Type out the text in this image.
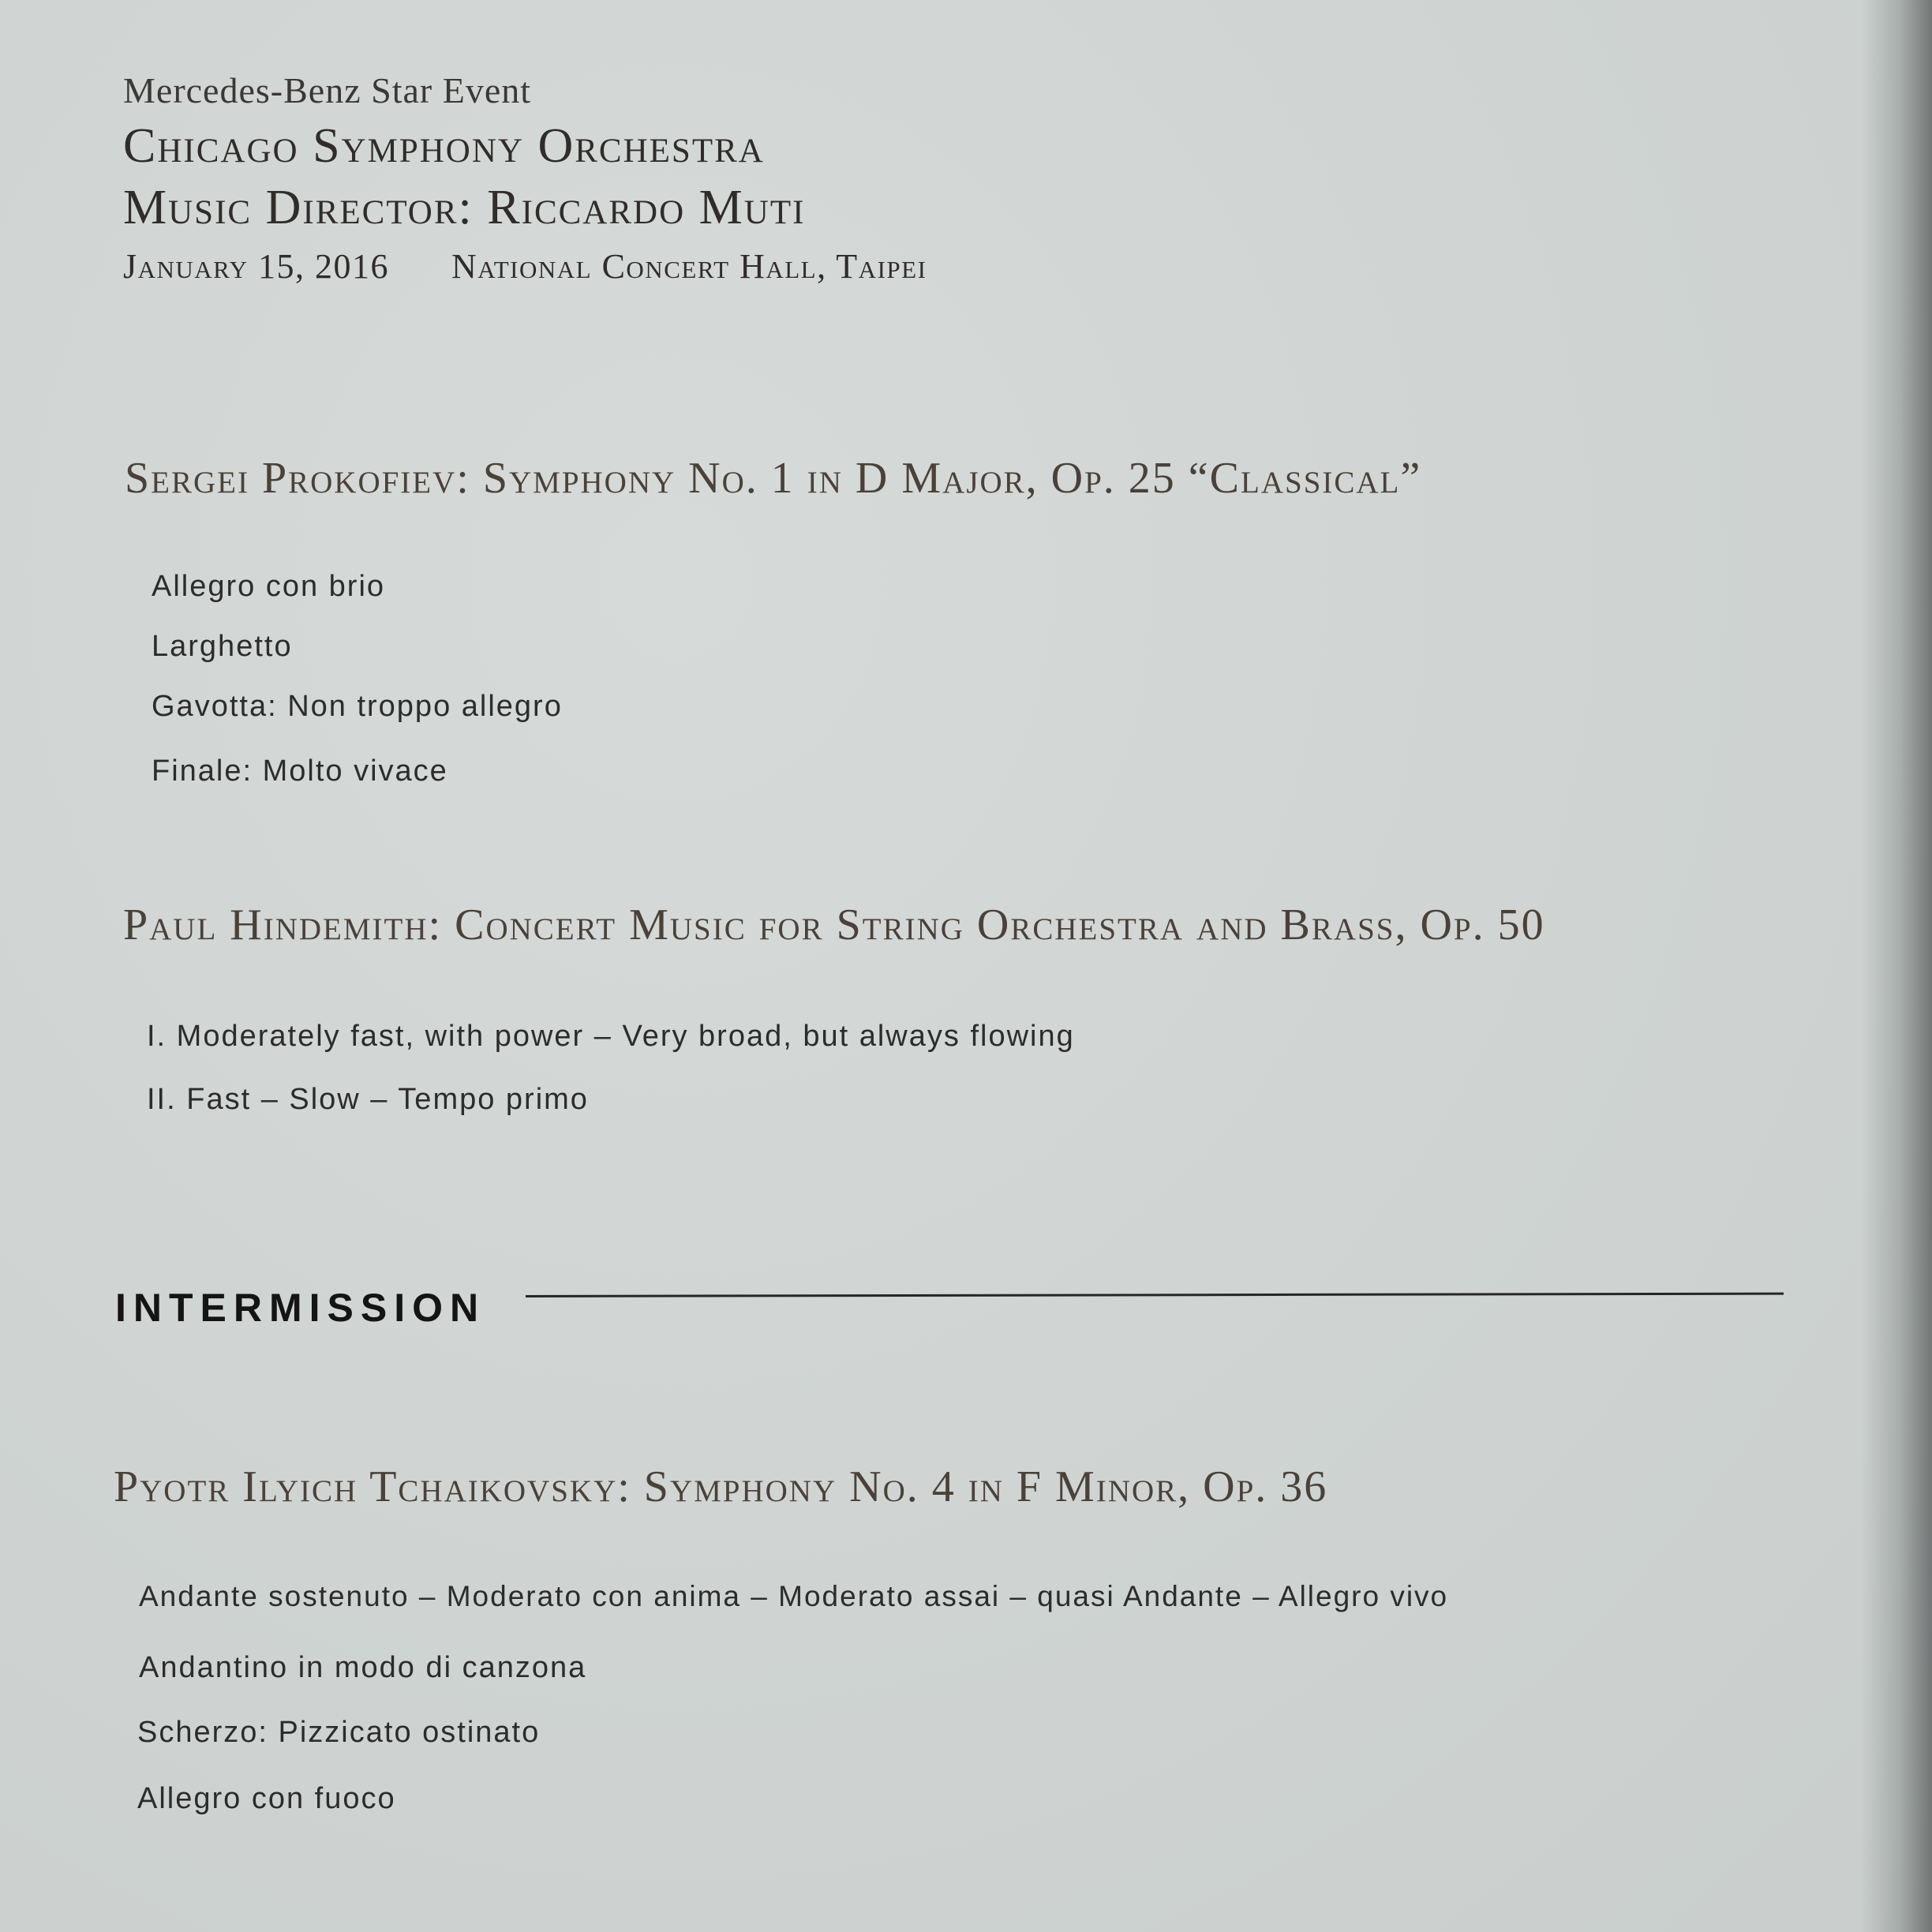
Mercedes-Benz Star Event

Chicago Symphony Orchestra

Music Director: Riccardo Muti

January 15, 2016 National Concert Hall, Taipei

Sergei Prokofiev: Symphony No. 1 in D Major, Op. 25 “Classical”

Allegro con brio

Larghetto

Gavotta: Non troppo allegro

Finale: Molto vivace

Paul Hindemith: Concert Music for String Orchestra and Brass, Op. 50

I. Moderately fast, with power – Very broad, but always flowing

II. Fast – Slow – Tempo primo

INTERMISSION

Pyotr Ilyich Tchaikovsky: Symphony No. 4 in F Minor, Op. 36

Andante sostenuto – Moderato con anima – Moderato assai – quasi Andante – Allegro vivo

Andantino in modo di canzona

Scherzo: Pizzicato ostinato

Allegro con fuoco
